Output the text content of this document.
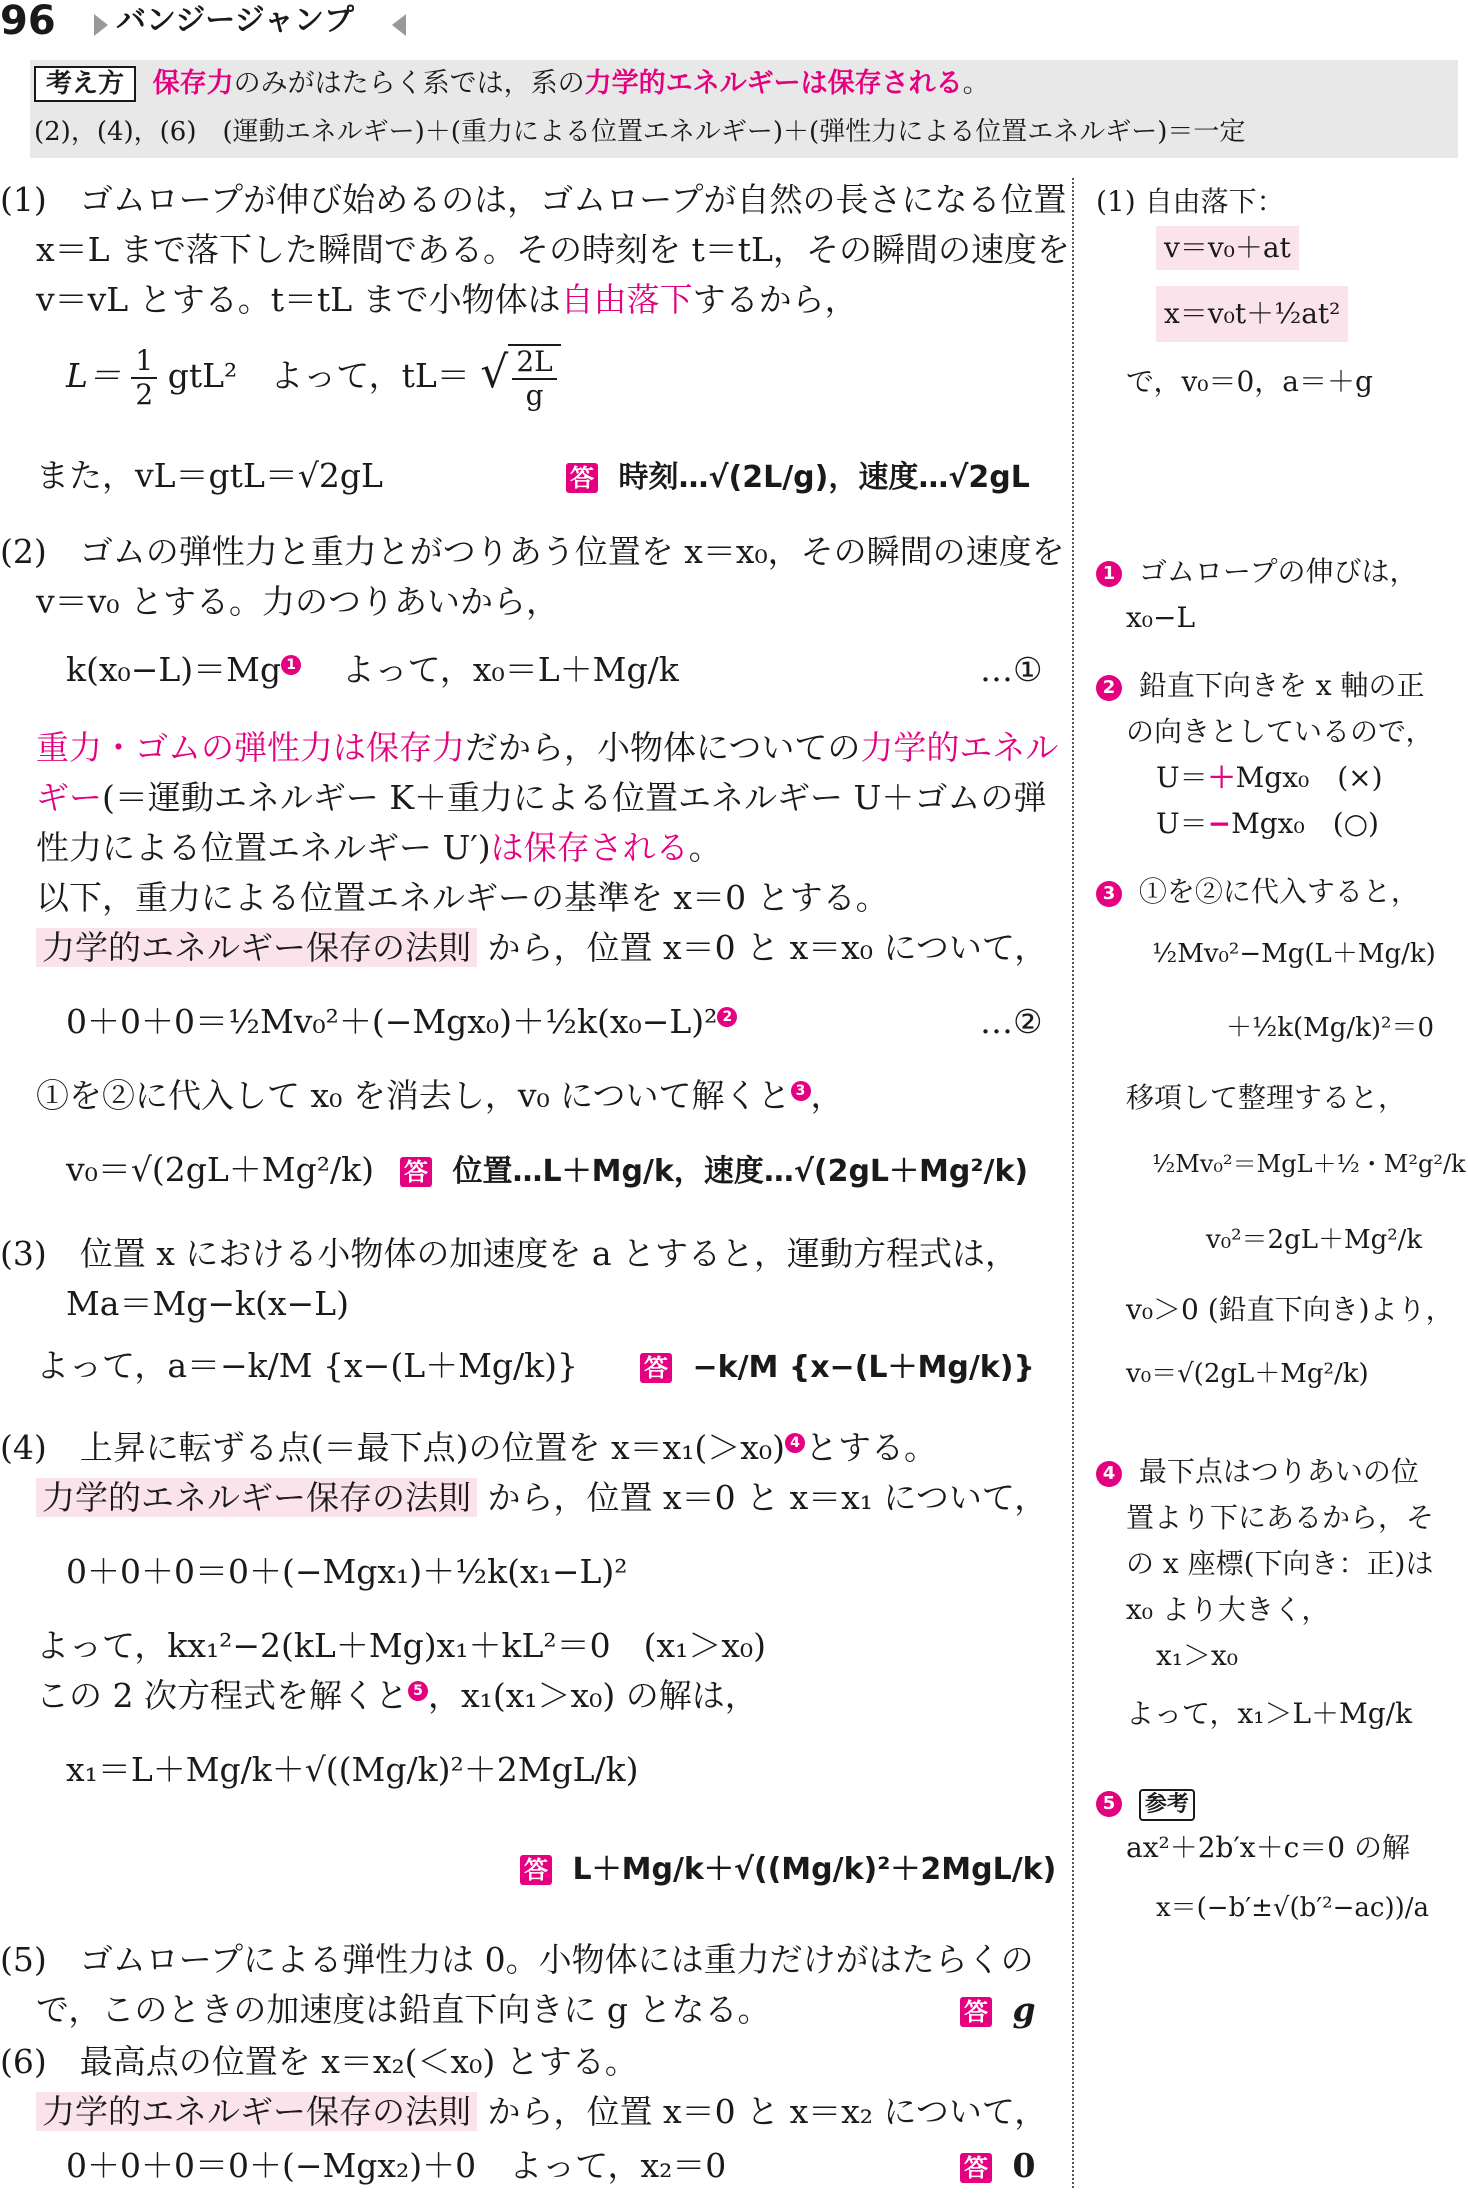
96 バンジージャンプ
考え方 保存力のみがはたらく系では，系の力学的エネルギーは保存される。
(2)，(4)，(6)　(運動エネルギー)＋(重力による位置エネルギー)＋(弾性力による位置エネルギー)＝一定
(1)　ゴムロープが伸び始めるのは，ゴムロープが自然の長さになる位置
x＝L まで落下した瞬間である。その時刻を t＝tL，その瞬間の速度を
v＝vL とする。t＝tL まで小物体は自由落下するから，
$L= \frac{1}{2} gtL^2$　よって，tL＝ √ $\frac{2L}{g}$
また，vL＝gtL＝√2gL	答 時刻…√(2L/g)，速度…√2gL
(2)　ゴムの弾性力と重力とがつりあう位置を x＝x₀，その瞬間の速度を
v＝v₀ とする。力のつりあいから，
k(x₀−L)＝Mg 1 よって，x₀＝L＋Mg/k	…①
重力・ゴムの弾性力は保存力だから，小物体についての力学的エネル
ギー(＝運動エネルギー K＋重力による位置エネルギー U＋ゴムの弾
性力による位置エネルギー U′)は保存される。
以下，重力による位置エネルギーの基準を x＝0 とする。
力学的エネルギー保存の法則 から，位置 x＝0 と x＝x₀ について，
0＋0＋0＝½Mv₀²＋(−Mgx₀)＋½k(x₀−L)² 2	…②
①を②に代入して x₀ を消去し，v₀ について解くと 3 ，
v₀＝√(2gL＋Mg²/k) 答 位置…L＋Mg/k，速度…√(2gL＋Mg²/k)
(3)　位置 x における小物体の加速度を a とすると，運動方程式は，
Ma＝Mg−k(x−L)
よって，a＝−k/M {x−(L＋Mg/k)}	答 −k/M {x−(L＋Mg/k)}
(4)　上昇に転ずる点(＝最下点)の位置を x＝x₁(＞x₀) 4 とする。
力学的エネルギー保存の法則 から，位置 x＝0 と x＝x₁ について，
0＋0＋0＝0＋(−Mgx₁)＋½k(x₁−L)²
よって，kx₁²−2(kL＋Mg)x₁＋kL²＝0　(x₁＞x₀)
この 2 次方程式を解くと 5 ，x₁(x₁＞x₀) の解は，
x₁＝L＋Mg/k＋√((Mg/k)²＋2MgL/k)
答 L＋Mg/k＋√((Mg/k)²＋2MgL/k)
(5)　ゴムロープによる弾性力は 0。小物体には重力だけがはたらくの
で，このときの加速度は鉛直下向きに g となる。	答 g
(6)　最高点の位置を x＝x₂(＜x₀) とする。
力学的エネルギー保存の法則 から，位置 x＝0 と x＝x₂ について，
0＋0＋0＝0＋(−Mgx₂)＋0　よって，x₂＝0	答 0
(1) 自由落下：
v＝v₀＋at
x＝v₀t＋½at²
で，v₀＝0，a＝＋g
1 ゴムロープの伸びは，
x₀−L
2 鉛直下向きを x 軸の正
の向きとしているので，
U＝＋Mgx₀　(×)
U＝−Mgx₀　(○)
3 ①を②に代入すると，
½Mv₀²−Mg(L＋Mg/k)
＋½k(Mg/k)²＝0
移項して整理すると，
½Mv₀²＝MgL＋½・M²g²/k
v₀²＝2gL＋Mg²/k
v₀＞0 (鉛直下向き)より，
v₀＝√(2gL＋Mg²/k)
4 最下点はつりあいの位
置より下にあるから，そ
の x 座標(下向き：正)は
x₀ より大きく，
x₁＞x₀
よって，x₁＞L＋Mg/k
5 参考
ax²＋2b′x＋c＝0 の解
x＝(−b′±√(b′²−ac))/a
